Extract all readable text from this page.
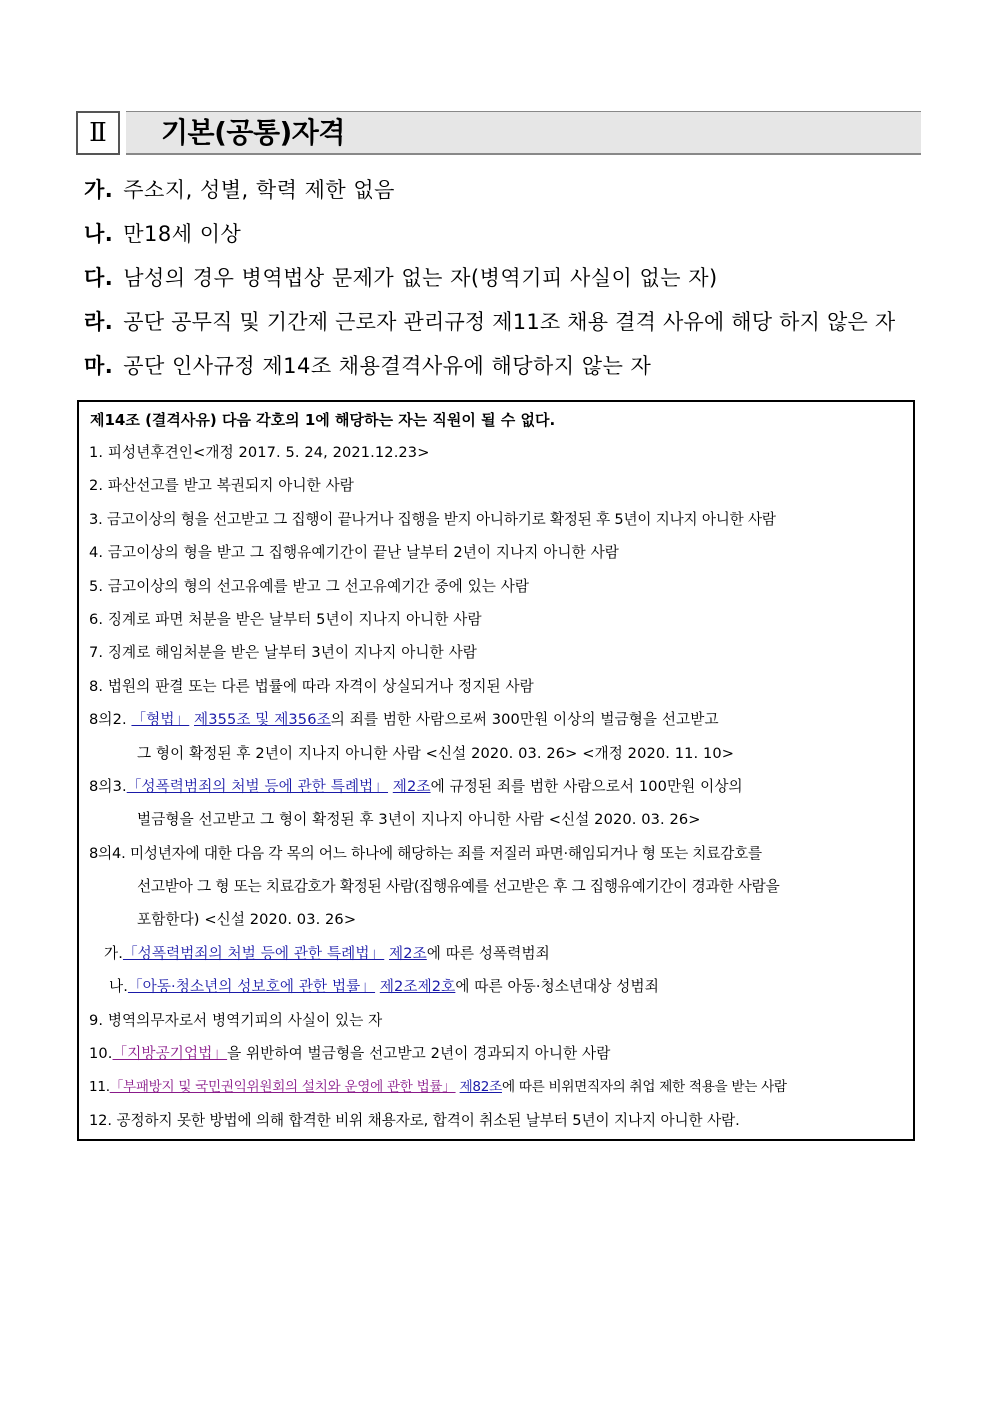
Ⅱ	기본(공통)자격
가. 주소지, 성별, 학력 제한 없음
나. 만18세 이상
다. 남성의 경우 병역법상 문제가 없는 자(병역기피 사실이 없는 자)
라. 공단 공무직 및 기간제 근로자 관리규정 제11조 채용 결격 사유에 해당 하지 않은 자
마. 공단 인사규정 제14조 채용결격사유에 해당하지 않는 자
제14조 (결격사유) 다음 각호의 1에 해당하는 자는 직원이 될 수 없다.
1. 피성년후견인<개정 2017. 5. 24, 2021.12.23>
2. 파산선고를 받고 복권되지 아니한 사람
3. 금고이상의 형을 선고받고 그 집행이 끝나거나 집행을 받지 아니하기로 확정된 후 5년이 지나지 아니한 사람
4. 금고이상의 형을 받고 그 집행유예기간이 끝난 날부터 2년이 지나지 아니한 사람
5. 금고이상의 형의 선고유예를 받고 그 선고유예기간 중에 있는 사람
6. 징계로 파면 처분을 받은 날부터 5년이 지나지 아니한 사람
7. 징계로 해임처분을 받은 날부터 3년이 지나지 아니한 사람
8. 법원의 판결 또는 다른 법률에 따라 자격이 상실되거나 정지된 사람
8의2. 「형법」 제355조 및 제356조의 죄를 범한 사람으로써 300만원 이상의 벌금형을 선고받고
그 형이 확정된 후 2년이 지나지 아니한 사람 <신설 2020. 03. 26> <개정 2020. 11. 10>
8의3.「성폭력범죄의 처벌 등에 관한 특례법」 제2조에 규정된 죄를 범한 사람으로서 100만원 이상의
벌금형을 선고받고 그 형이 확정된 후 3년이 지나지 아니한 사람 <신설 2020. 03. 26>
8의4. 미성년자에 대한 다음 각 목의 어느 하나에 해당하는 죄를 저질러 파면·해임되거나 형 또는 치료감호를
선고받아 그 형 또는 치료감호가 확정된 사람(집행유예를 선고받은 후 그 집행유예기간이 경과한 사람을
포함한다) <신설 2020. 03. 26>
가.「성폭력범죄의 처벌 등에 관한 특례법」 제2조에 따른 성폭력범죄
나.「아동·청소년의 성보호에 관한 법률」 제2조제2호에 따른 아동·청소년대상 성범죄
9. 병역의무자로서 병역기피의 사실이 있는 자
10.「지방공기업법」을 위반하여 벌금형을 선고받고 2년이 경과되지 아니한 사람
11.「부패방지 및 국민권익위원회의 설치와 운영에 관한 법률」 제82조에 따른 비위면직자의 취업 제한 적용을 받는 사람
12. 공정하지 못한 방법에 의해 합격한 비위 채용자로, 합격이 취소된 날부터 5년이 지나지 아니한 사람.
